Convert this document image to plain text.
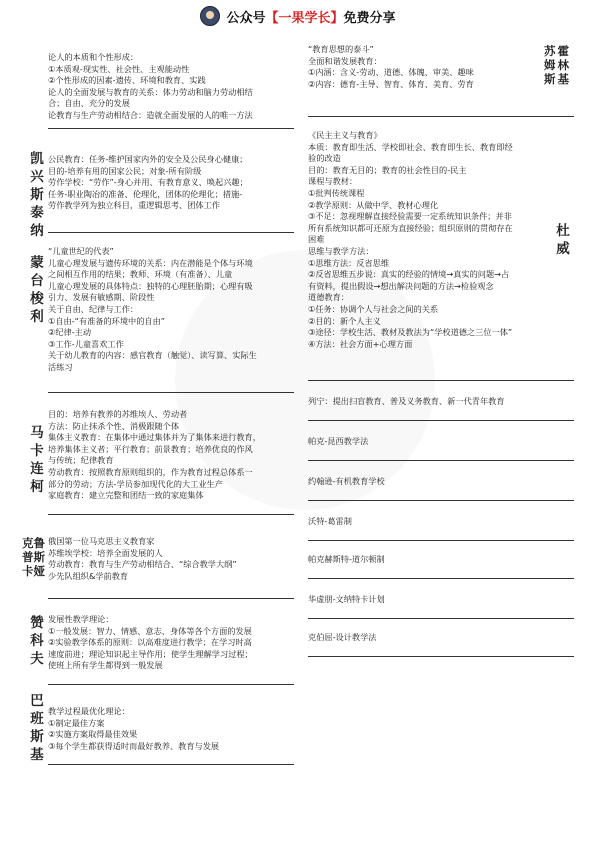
公众号【一果学长】免费分享

论人的本质和个性形成：

①本质观-现实性、社会性、主观能动性

②个性形成的因素-遗传、环境和教育、实践

论人的全面发展与教育的关系：体力劳动和脑力劳动相结

合；自由、充分的发展

论教育与生产劳动相结合：造就全面发展的人的唯一方法

凯
兴
斯
泰
纳

公民教育：任务-维护国家内外的安全及公民身心健康；

目的-培养有用的国家公民；对象-所有阶级

劳作学校：“劳作”-身心并用、有教育意义、唤起兴趣；

任务-职业陶冶的准备、伦理化，团体的伦理化；措施-

劳作教学列为独立科目，重逻辑思考、团体工作

蒙
台
梭
利

“儿童世纪的代表”

儿童心理发展与遗传环境的关系：内在潜能是个体与环境

之间相互作用的结果；教师、环境（有准备）、儿童

儿童心理发展的具体特点：独特的心理胚胎期；心理有吸

引力、发展有敏感期、阶段性

关于自由、纪律与工作：

①自由-“有准备的环境中的自由”

②纪律-主动

③工作-儿童喜欢工作

关于幼儿教育的内容：感官教育（触觉）、读写算、实际生

活练习

马
卡
连
柯

目的：培养有教养的苏维埃人、劳动者

方法：防止抹杀个性、消极跟随个体

集体主义教育：在集体中通过集体并为了集体来进行教育，

培养集体主义者；平行教育；前景教育；培养优良的作风

与传统；纪律教育

劳动教育：按照教育原则组织的，作为教育过程总体系一

部分的劳动；方法-学员参加现代化的大工业生产

家庭教育：建立完整和团结一致的家庭集体

克鲁
普斯
卡娅

俄国第一位马克思主义教育家

苏维埃学校：培养全面发展的人

劳动教育：教育与生产劳动相结合、“综合教学大纲”

少先队组织&学前教育

赞
科
夫

发展性教学理论：

①一般发展：智力、情感、意志、身体等各个方面的发展

②实验教学体系的原则：以高难度进行教学；在学习时高

速度前进；理论知识起主导作用；使学生理解学习过程；

使班上所有学生都得到一般发展

巴
班
斯
基

教学过程最优化理论：

①制定最佳方案

②实施方案取得最佳效果

③每个学生都获得适时而最好教养、教育与发展

“教育思想的泰斗”

全面和谐发展教育：

①内涵：含义-劳动、道德、体魄、审美、趣味

②内容：德育-主导、智育、体育、美育、劳育

苏
姆
斯
霍
林
基

《民主主义与教育》

本质：教育即生活、学校即社会、教育即生长、教育即经

验的改造

目的：教育无目的；教育的社会性目的-民主

课程与教材：

①批判传统课程

②教学原则：从做中学、教材心理化

③不足：忽视理解直接经验需要一定系统知识条件；并非

所有系统知识都可还原为直接经验；组织原则的贯彻存在

困难

思维与教学方法：

①思维方法：反省思维

②反省思维五步说：真实的经验的情境→真实的问题→占

有资料，提出假设→想出解决问题的方法→检验观念

道德教育：

①任务：协调个人与社会之间的关系

②目的：新个人主义

③途径：学校生活、教材及教法为“学校道德之三位一体”

④方法：社会方面+心理方面

杜
威
列宁：提出扫盲教育、普及义务教育、新一代青年教育
帕克-昆西教学法
约翰逊-有机教育学校
沃特-葛雷制
帕克赫斯特-道尔顿制
华虚朋-文纳特卡计划
克伯屈-设计教学法
